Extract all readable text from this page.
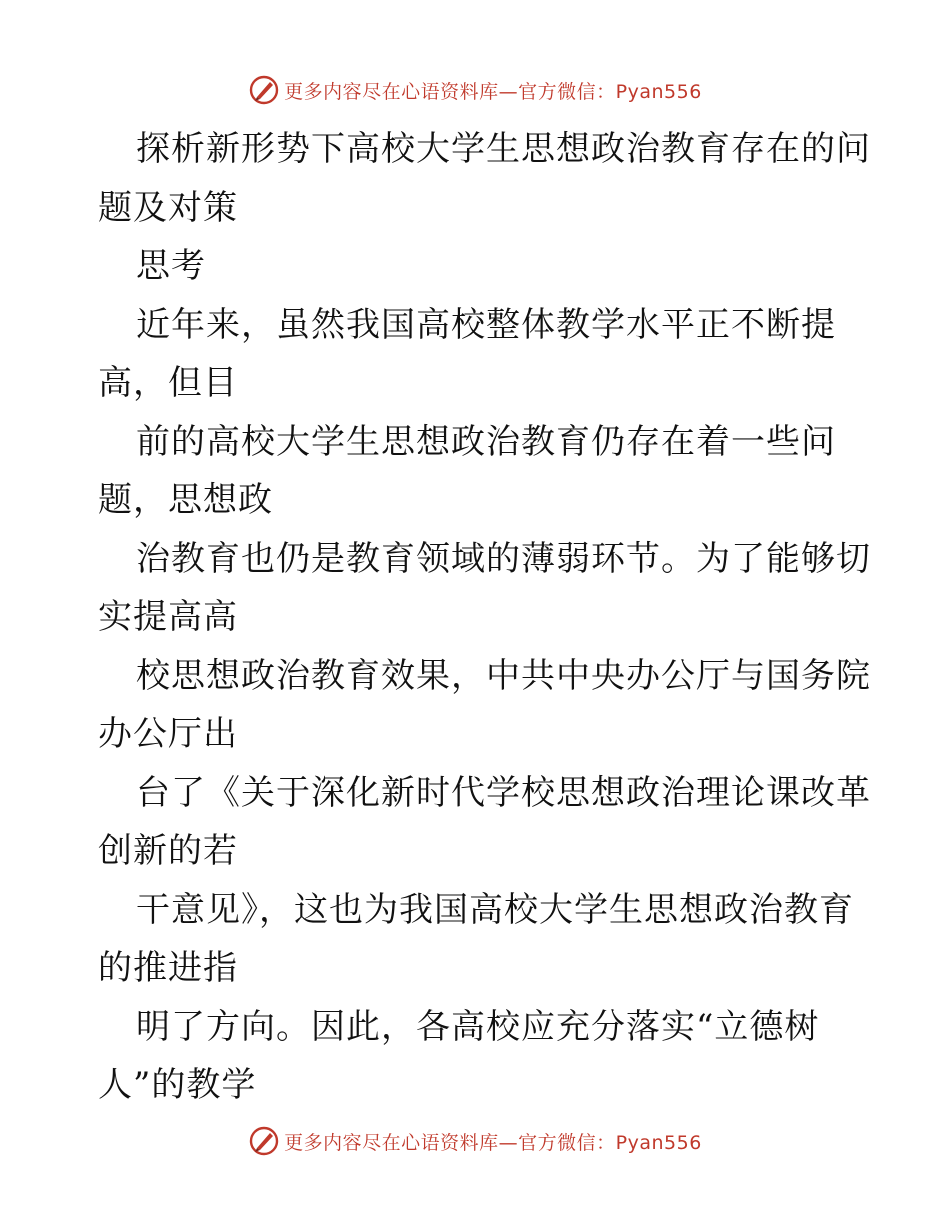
更多内容尽在心语资料库—官方微信：Pyan556
探析新形势下高校大学生思想政治教育存在的问
题及对策
思考
近年来，虽然我国高校整体教学水平正不断提
高，但目
前的高校大学生思想政治教育仍存在着一些问
题，思想政
治教育也仍是教育领域的薄弱环节。为了能够切
实提高高
校思想政治教育效果，中共中央办公厅与国务院
办公厅出
台了《关于深化新时代学校思想政治理论课改革
创新的若
干意见》，这也为我国高校大学生思想政治教育
的推进指
明了方向。因此，各高校应充分落实“立德树
人”的教学
更多内容尽在心语资料库—官方微信：Pyan556
